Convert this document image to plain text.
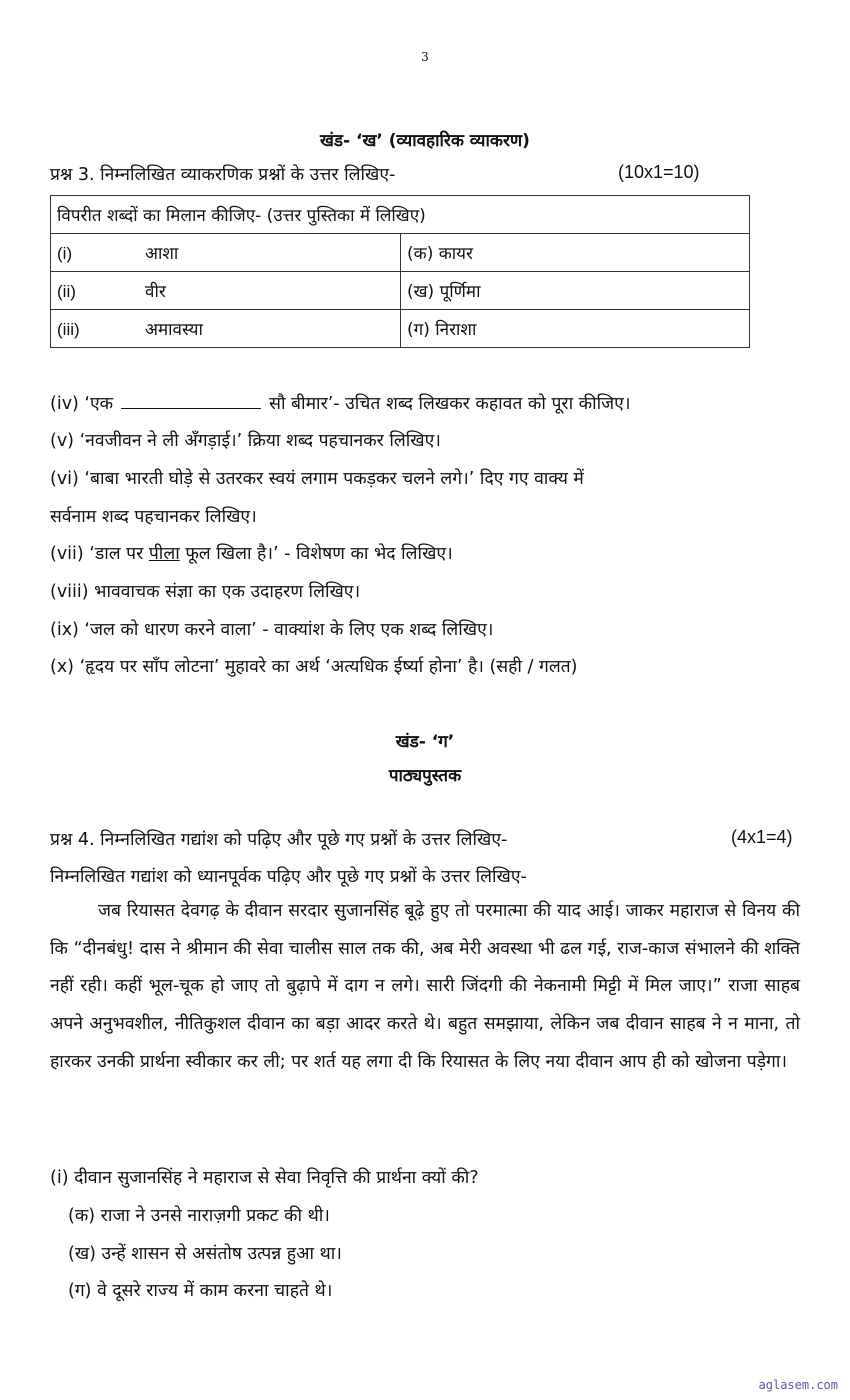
3
खंड- ‘ख’ (व्यावहारिक व्याकरण)
प्रश्न 3. निम्नलिखित व्याकरणिक प्रश्नों के उत्तर लिखिए-	(10x1=10)
विपरीत शब्दों का मिलान कीजिए- (उत्तर पुस्तिका में लिखिए)	
(i) आशा	(क) कायर
(ii) वीर	(ख) पूर्णिमा
(iii) अमावस्या	(ग) निराशा
(iv) ‘एक	सौ बीमार’- उचित शब्द लिखकर कहावत को पूरा कीजिए।
(v) ‘नवजीवन ने ली अँगड़ाई।’ क्रिया शब्द पहचानकर लिखिए।
(vi) ‘बाबा भारती घोड़े से उतरकर स्वयं लगाम पकड़कर चलने लगे।’ दिए गए वाक्य में
सर्वनाम शब्द पहचानकर लिखिए।
(vii) ‘डाल पर पीला फूल खिला है।’ - विशेषण का भेद लिखिए।
(viii) भाववाचक संज्ञा का एक उदाहरण लिखिए।
(ix) ‘जल को धारण करने वाला’ - वाक्यांश के लिए एक शब्द लिखिए।
(x) ‘हृदय पर साँप लोटना’ मुहावरे का अर्थ ‘अत्यधिक ईर्ष्या होना’ है। (सही / गलत)
खंड- ‘ग’
पाठ्यपुस्तक
प्रश्न 4. निम्नलिखित गद्यांश को पढ़िए और पूछे गए प्रश्नों के उत्तर लिखिए-	(4x1=4)
निम्नलिखित गद्यांश को ध्यानपूर्वक पढ़िए और पूछे गए प्रश्नों के उत्तर लिखिए-
जब रियासत देवगढ़ के दीवान सरदार सुजानसिंह बूढ़े हुए तो परमात्मा की याद आई। जाकर महाराज से विनय की कि “दीनबंधु! दास ने श्रीमान की सेवा चालीस साल तक की, अब मेरी अवस्था भी ढल गई, राज-काज संभालने की शक्ति नहीं रही। कहीं भूल-चूक हो जाए तो बुढ़ापे में दाग न लगे। सारी जिंदगी की नेकनामी मिट्टी में मिल जाए।” राजा साहब अपने अनुभवशील, नीतिकुशल दीवान का बड़ा आदर करते थे। बहुत समझाया, लेकिन जब दीवान साहब ने न माना, तो हारकर उनकी प्रार्थना स्वीकार कर ली; पर शर्त यह लगा दी कि रियासत के लिए नया दीवान आप ही को खोजना पड़ेगा।
(i) दीवान सुजानसिंह ने महाराज से सेवा निवृत्ति की प्रार्थना क्यों की?
(क) राजा ने उनसे नाराज़गी प्रकट की थी।
(ख) उन्हें शासन से असंतोष उत्पन्न हुआ था।
(ग) वे दूसरे राज्य में काम करना चाहते थे।
aglasem.com
